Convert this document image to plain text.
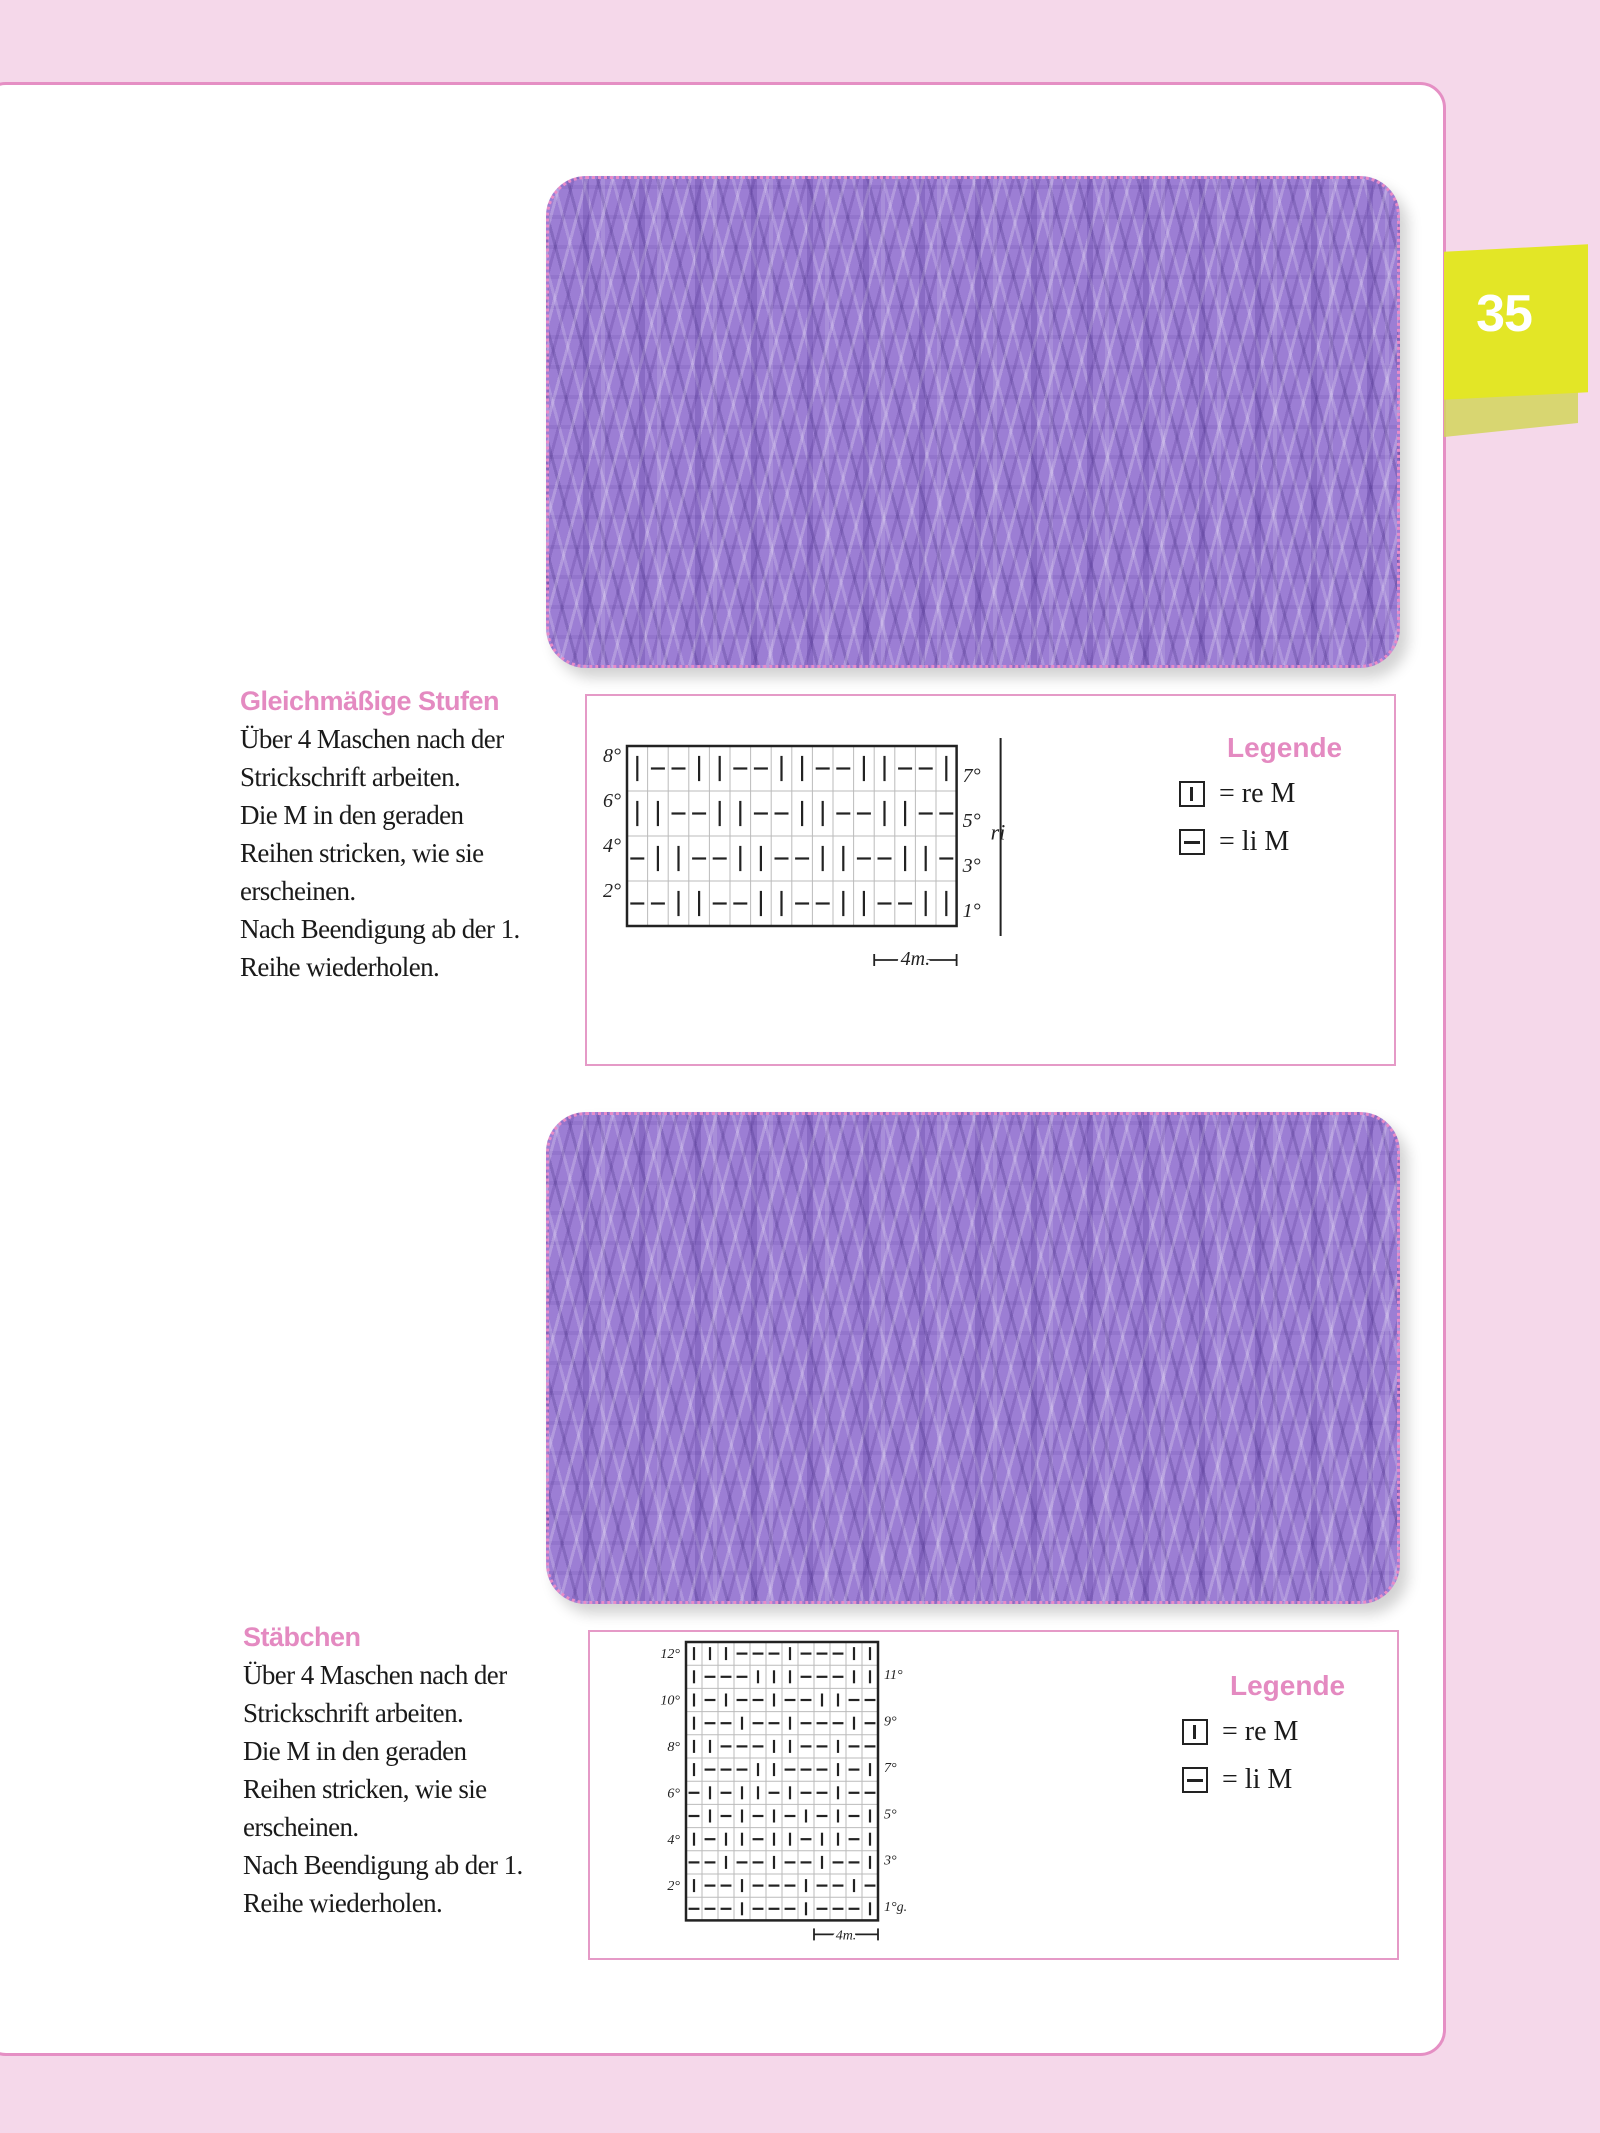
35
Gleichmäßige Stufen
Über 4 Maschen nach der
Strickschrift arbeiten.
Die M in den geraden
Reihen stricken, wie sie
erscheinen.
Nach Beendigung ab der 1.
Reihe wiederholen.
8°
6°
4°
2°
7°
5°
3°
1°
ri
4m.
Legende
= re M
= li M
Stäbchen
Über 4 Maschen nach der
Strickschrift arbeiten.
Die M in den geraden
Reihen stricken, wie sie
erscheinen.
Nach Beendigung ab der 1.
Reihe wiederholen.
12°
10°
8°
6°
4°
2°
11°
9°
7°
5°
3°
1°g.
4m.
Legende
= re M
= li M
